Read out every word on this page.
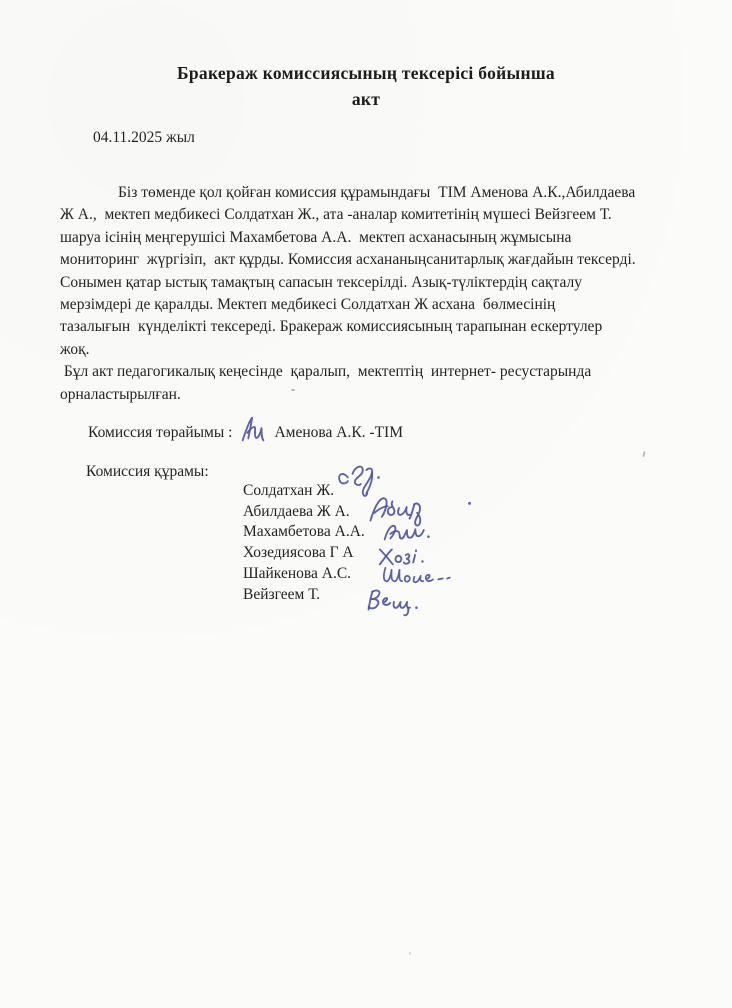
Бракераж комиссиясының тексерісі бойынша
акт
04.11.2025 жыл
Біз төменде қол қойған комиссия құрамындағы  ТІМ Аменова А.К.,Абилдаева
Ж А.,  мектеп медбикесі Солдатхан Ж., ата -аналар комитетінің мүшесі Вейзгеем Т.
шаруа ісінің меңгерушісі Махамбетова А.А.  мектеп асханасының жұмысына
мониторинг  жүргізіп,  акт құрды. Комиссия асхананыңсанитарлық жағдайын тексерді.
Сонымен қатар ыстық тамақтың сапасын тексерілді. Азық-түліктердің сақталу
мерзімдері де қаралды. Мектеп медбикесі Солдатхан Ж асхана  бөлмесінің
тазалығын  күнделікті тексереді. Бракераж комиссиясының тарапынан ескертулер
жоқ.
Бұл акт педагогикалық кеңесінде  қаралып,  мектептің  интернет- ресустарында
орналастырылған.
Комиссия төрайымы :	Аменова А.К. -ТІМ
Комиссия құрамы:
Солдатхан Ж.
Абилдаева Ж А.
Махамбетова А.А.
Хозедиясова Г А
Шайкенова А.С.
Вейзгеем Т.
